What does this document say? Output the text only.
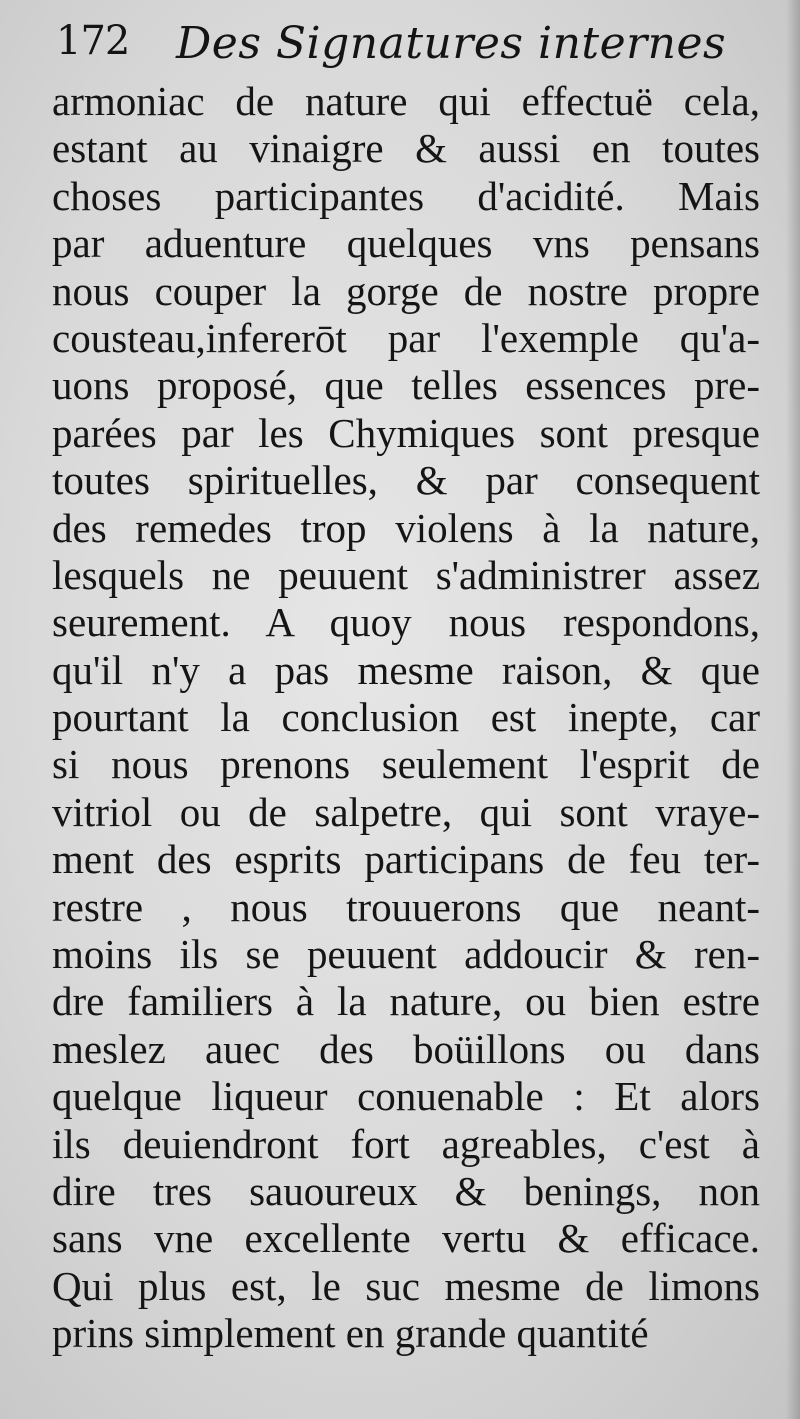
172 Des Signatures internes
armoniac de nature qui effectuë cela,
estant au vinaigre & aussi en toutes
choses participantes d'acidité. Mais
par aduenture quelques vns pensans
nous couper la gorge de nostre propre
cousteau,infererōt par l'exemple qu'a-
uons proposé, que telles essences pre-
parées par les Chymiques sont presque
toutes spirituelles, & par consequent
des remedes trop violens à la nature,
lesquels ne peuuent s'administrer assez
seurement. A quoy nous respondons,
qu'il n'y a pas mesme raison, & que
pourtant la conclusion est inepte, car
si nous prenons seulement l'esprit de
vitriol ou de salpetre, qui sont vraye-
ment des esprits participans de feu ter-
restre , nous trouuerons que neant-
moins ils se peuuent addoucir & ren-
dre familiers à la nature, ou bien estre
meslez auec des boüillons ou dans
quelque liqueur conuenable : Et alors
ils deuiendront fort agreables, c'est à
dire tres sauoureux & benings, non
sans vne excellente vertu & efficace.
Qui plus est, le suc mesme de limons
prins simplement en grande quantité
